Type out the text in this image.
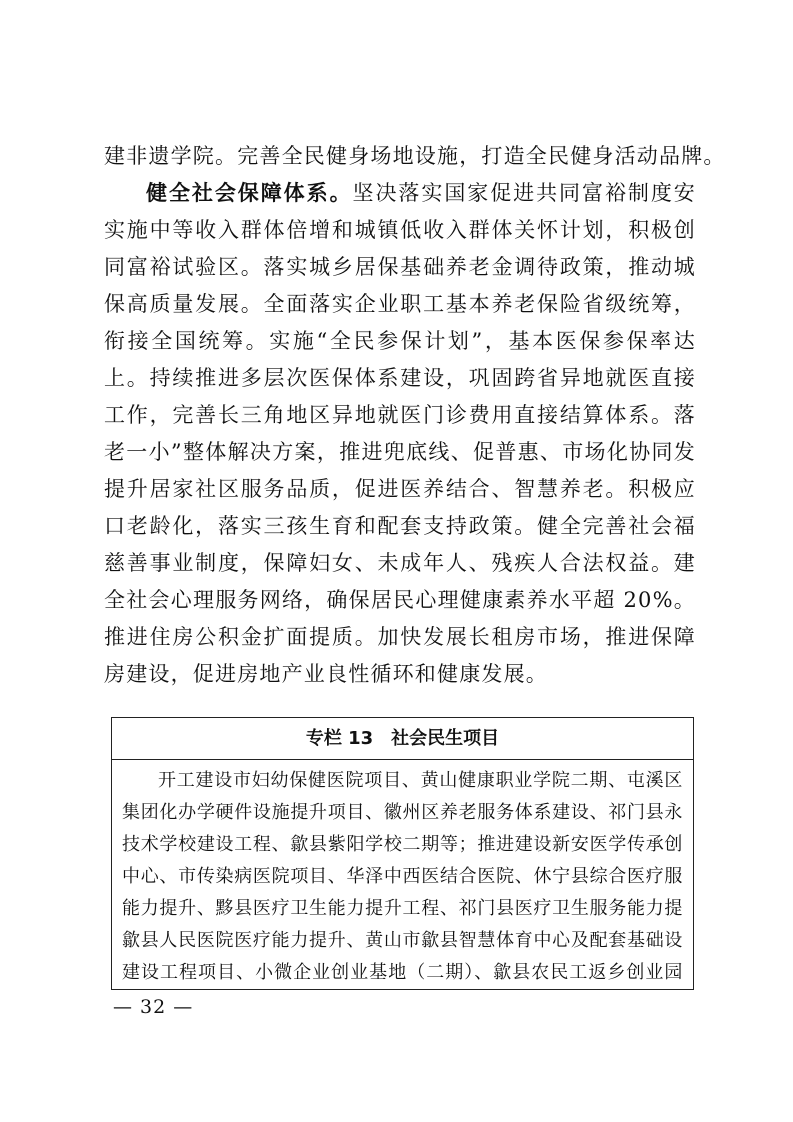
建非遗学院。完善全民健身场地设施，打造全民健身活动品牌。
健全社会保障体系。坚决落实国家促进共同富裕制度安
实施中等收入群体倍增和城镇低收入群体关怀计划，积极创
同富裕试验区。落实城乡居保基础养老金调待政策，推动城
保高质量发展。全面落实企业职工基本养老保险省级统筹，
衔接全国统筹。实施“全民参保计划”，基本医保参保率达
上。持续推进多层次医保体系建设，巩固跨省异地就医直接
工作，完善长三角地区异地就医门诊费用直接结算体系。落
老一小”整体解决方案，推进兜底线、促普惠、市场化协同发
提升居家社区服务品质，促进医养结合、智慧养老。积极应
口老龄化，落实三孩生育和配套支持政策。健全完善社会福
慈善事业制度，保障妇女、未成年人、残疾人合法权益。建
全社会心理服务网络，确保居民心理健康素养水平超 20%。
推进住房公积金扩面提质。加快发展长租房市场，推进保障
房建设，促进房地产业良性循环和健康发展。
专栏 13　社会民生项目
开工建设市妇幼保健医院项目、黄山健康职业学院二期、屯溪区
集团化办学硬件设施提升项目、徽州区养老服务体系建设、祁门县永
技术学校建设工程、歙县紫阳学校二期等；推进建设新安医学传承创
中心、市传染病医院项目、华泽中西医结合医院、休宁县综合医疗服
能力提升、黟县医疗卫生能力提升工程、祁门县医疗卫生服务能力提
歙县人民医院医疗能力提升、黄山市歙县智慧体育中心及配套基础设
建设工程项目、小微企业创业基地（二期）、歙县农民工返乡创业园
— 32 —
